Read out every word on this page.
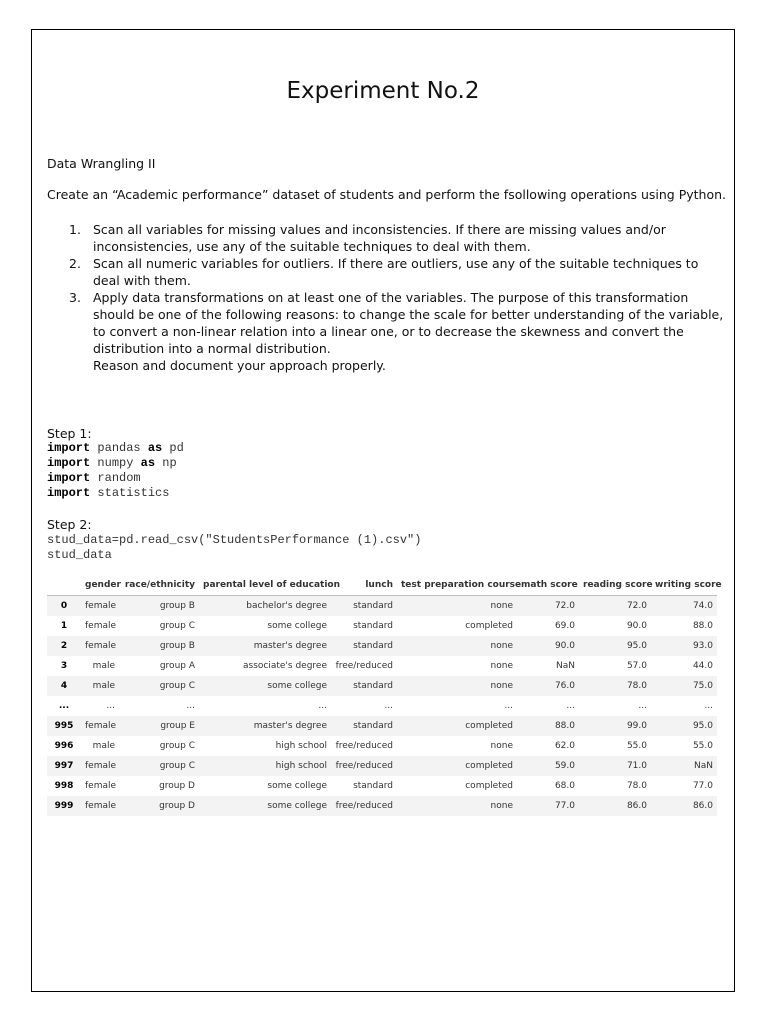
Experiment No.2
Data Wrangling II
Create an “Academic performance” dataset of students and perform the fsollowing operations using Python.
1. Scan all variables for missing values and inconsistencies. If there are missing values and/or inconsistencies, use any of the suitable techniques to deal with them.
2. Scan all numeric variables for outliers. If there are outliers, use any of the suitable techniques to deal with them.
3. Apply data transformations on at least one of the variables. The purpose of this transformation should be one of the following reasons: to change the scale for better understanding of the variable, to convert a non-linear relation into a linear one, or to decrease the skewness and convert the distribution into a normal distribution.
Reason and document your approach properly.
Step 1:
import pandas as pd
import numpy as np
import random
import statistics
Step 2:
stud_data=pd.read_csv("StudentsPerformance (1).csv")
stud_data
	gender	race/ethnicity	parental level of education	lunch	test preparation course	math score	reading score	writing score
0	female	group B	bachelor's degree	standard	none	72.0	72.0	74.0
1	female	group C	some college	standard	completed	69.0	90.0	88.0
2	female	group B	master's degree	standard	none	90.0	95.0	93.0
3	male	group A	associate's degree	free/reduced	none	NaN	57.0	44.0
4	male	group C	some college	standard	none	76.0	78.0	75.0
...	...	...	...	...	...	...	...	...
995	female	group E	master's degree	standard	completed	88.0	99.0	95.0
996	male	group C	high school	free/reduced	none	62.0	55.0	55.0
997	female	group C	high school	free/reduced	completed	59.0	71.0	NaN
998	female	group D	some college	standard	completed	68.0	78.0	77.0
999	female	group D	some college	free/reduced	none	77.0	86.0	86.0
